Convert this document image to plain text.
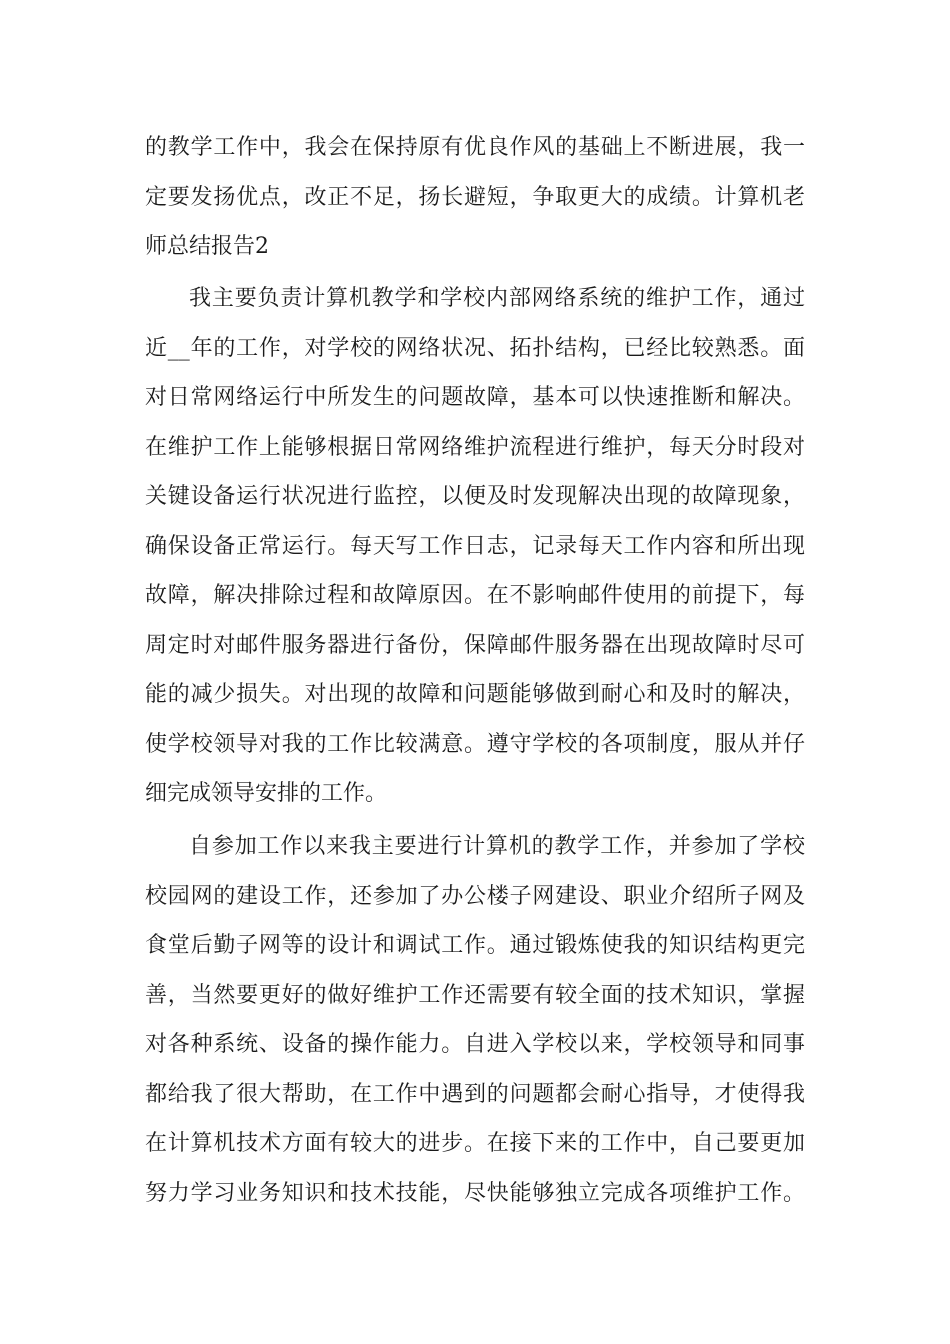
的教学工作中，我会在保持原有优良作风的基础上不断进展，我一
定要发扬优点，改正不足，扬长避短，争取更大的成绩。计算机老
师总结报告2
我主要负责计算机教学和学校内部网络系统的维护工作，通过
近__年的工作，对学校的网络状况、拓扑结构，已经比较熟悉。面
对日常网络运行中所发生的问题故障，基本可以快速推断和解决。
在维护工作上能够根据日常网络维护流程进行维护，每天分时段对
关键设备运行状况进行监控，以便及时发现解决出现的故障现象，
确保设备正常运行。每天写工作日志，记录每天工作内容和所出现
故障，解决排除过程和故障原因。在不影响邮件使用的前提下，每
周定时对邮件服务器进行备份，保障邮件服务器在出现故障时尽可
能的减少损失。对出现的故障和问题能够做到耐心和及时的解决，
使学校领导对我的工作比较满意。遵守学校的各项制度，服从并仔
细完成领导安排的工作。
自参加工作以来我主要进行计算机的教学工作，并参加了学校
校园网的建设工作，还参加了办公楼子网建设、职业介绍所子网及
食堂后勤子网等的设计和调试工作。通过锻炼使我的知识结构更完
善，当然要更好的做好维护工作还需要有较全面的技术知识，掌握
对各种系统、设备的操作能力。自进入学校以来，学校领导和同事
都给我了很大帮助，在工作中遇到的问题都会耐心指导，才使得我
在计算机技术方面有较大的进步。在接下来的工作中，自己要更加
努力学习业务知识和技术技能，尽快能够独立完成各项维护工作。
